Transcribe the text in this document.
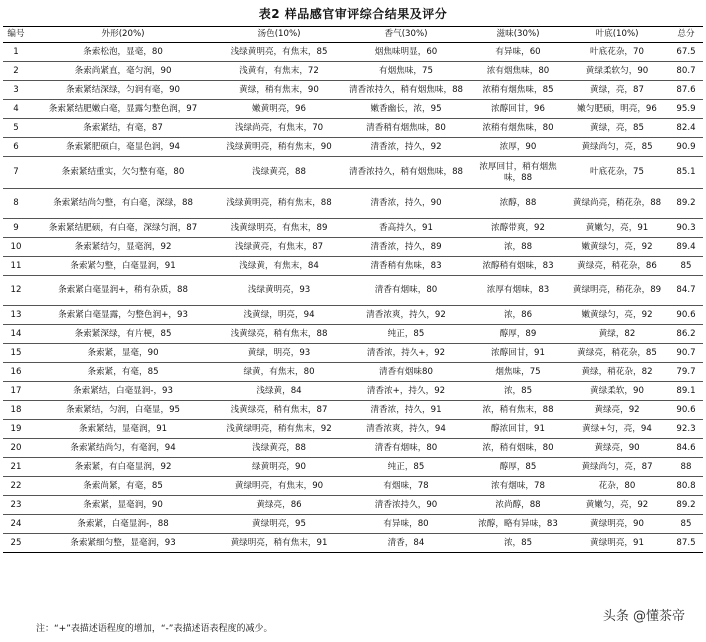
表2 样品感官审评综合结果及评分
编号	外形(20%)	汤色(10%)	香气(30%)	滋味(30%)	叶底(10%)	总分
1	条索松泡，显毫，80	浅绿黄明亮，有焦末，85	烟焦味明显，60	有异味，60	叶底花杂，70	67.5
2	条索尚紧直，毫匀润，90	浅黄有，有焦末，72	有烟焦味，75	浓有烟焦味，80	黄绿柔软匀，90	80.7
3	条索紧结深绿，匀润有毫，90	黄绿，稍有焦末，90	清香浓持久，稍有烟焦味，88	浓稍有烟焦味，85	黄绿，亮，87	87.6
4	条索紧结肥嫩白毫，显露匀整色润，97	嫩黄明亮，96	嫩香幽长，浓，95	浓醇回甘，96	嫩匀肥硕，明亮，96	95.9
5	条索紧结，有毫，87	浅绿尚亮，有焦末，70	清香稍有烟焦味，80	浓稍有烟焦味，80	黄绿，亮，85	82.4
6	条索紧肥硕白，毫显色润，94	浅绿黄明亮，稍有焦末，90	清香浓，持久，92	浓厚，90	黄绿尚匀，亮，85	90.9
7	条索紧结重实，欠匀整有毫，80	浅绿黄亮，88	清香浓持久，稍有烟焦味，88	浓厚回甘，稍有烟焦味，88	叶底花杂，75	85.1
8	条索紧结尚匀整，有白毫，深绿，88	浅绿黄明亮，稍有焦末，88	清香浓，持久，90	浓醇，88	黄绿尚亮，稍花杂，88	89.2
9	条索紧结肥硕，有白毫，深绿匀润，87	浅黄绿明亮，有焦末，89	香高持久，91	浓醇带爽，92	黄嫩匀，亮，91	90.3
10	条索紧结匀，显毫润，92	浅绿黄亮，有焦末，87	清香浓，持久，89	浓，88	嫩黄绿匀，亮，92	89.4
11	条索紧匀整，白毫显润，91	浅绿黄，有焦末，84	清香稍有焦味，83	浓醇稍有烟味，83	黄绿亮，稍花杂，86	85
12	条索紧白毫显润+，稍有杂质，88	浅绿黄明亮，93	清香有烟味，80	浓厚有烟味，83	黄绿明亮，稍花杂，89	84.7
13	条索紧白毫显露，匀整色润+，93	浅黄绿，明亮，94	清香浓爽，持久，92	浓，86	嫩黄绿匀，亮，92	90.6
14	条索紧深绿，有片梗，85	浅黄绿亮，稍有焦末，88	纯正，85	醇厚，89	黄绿，82	86.2
15	条索紧，显毫，90	黄绿，明亮，93	清香浓，持久+，92	浓醇回甘，91	黄绿亮，稍花杂，85	90.7
16	条索紧，有毫，85	绿黄，有焦末，80	清香有烟味80	烟焦味，75	黄绿，稍花杂，82	79.7
17	条索紧结，白毫显润-，93	浅绿黄，84	清香浓+，持久，92	浓，85	黄绿柔软，90	89.1
18	条索紧结，匀润，白毫显，95	浅黄绿亮，稍有焦末，87	清香浓，持久，91	浓，稍有焦末，88	黄绿亮，92	90.6
19	条索紧结，显毫润，91	浅黄绿明亮，稍有焦末，92	清香浓爽，持久，94	醇浓回甘，91	黄绿+匀，亮，94	92.3
20	条索紧结尚匀，有毫润，94	浅绿黄亮，88	清香有烟味，80	浓，稍有烟味，80	黄绿亮，90	84.6
21	条索紧，有白毫显润，92	绿黄明亮，90	纯正，85	醇厚，85	黄绿尚匀，亮，87	88
22	条索尚紧，有毫，85	黄绿明亮，有焦末，90	有烟味，78	浓有烟味，78	花杂，80	80.8
23	条索紧，显毫润，90	黄绿亮，86	清香浓持久，90	浓尚醇，88	黄嫩匀，亮，92	89.2
24	条索紧，白毫显润-，88	黄绿明亮，95	有异味，80	浓醇，略有异味，83	黄绿明亮，90	85
25	条索紧细匀整，显毫润，93	黄绿明亮，稍有焦末，91	清香，84	浓，85	黄绿明亮，91	87.5
注：“+”表描述语程度的增加，“-”表描述语表程度的减少。
头条 @懂茶帝
